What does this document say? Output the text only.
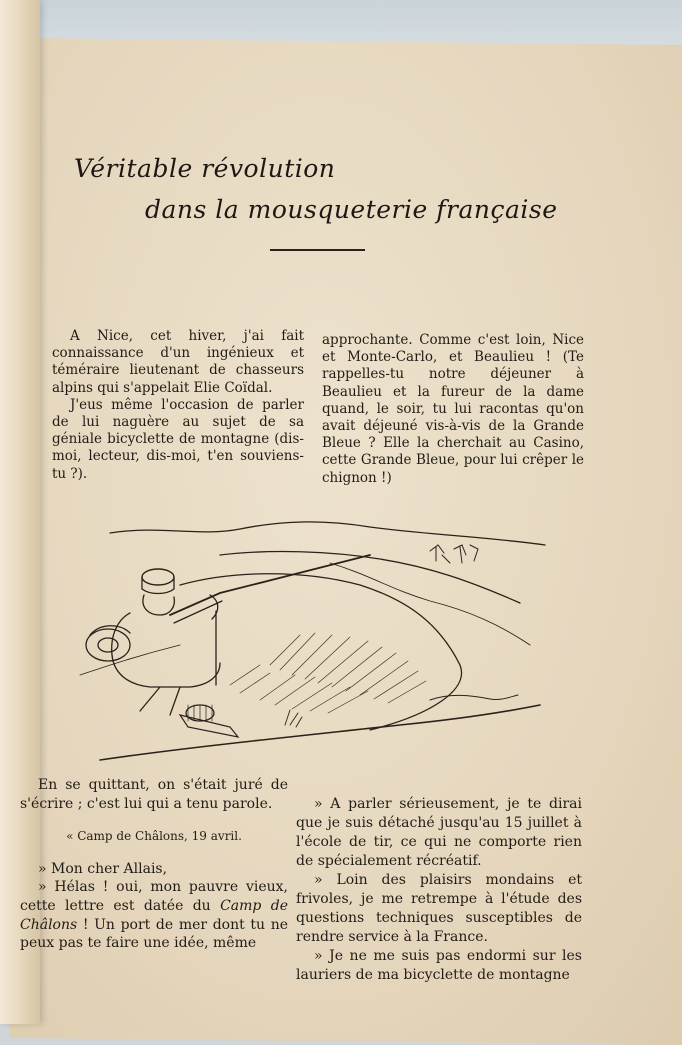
Véritable révolution
dans la mousqueterie française

A Nice, cet hiver, j'ai fait connaissance d'un ingénieux et téméraire lieutenant de chasseurs alpins qui s'appelait Elie Coïdal.

J'eus même l'occasion de parler de lui naguère au sujet de sa géniale bicyclette de montagne (dis-moi, lecteur, dis-moi, t'en souviens-tu ?).

approchante. Comme c'est loin, Nice et Monte-Carlo, et Beaulieu ! (Te rappelles-tu notre déjeuner à Beaulieu et la fureur de la dame quand, le soir, tu lui racontas qu'on avait déjeuné vis-à-vis de la Grande Bleue ? Elle la cherchait au Casino, cette Grande Bleue, pour lui crêper le chignon !)

En se quittant, on s'était juré de s'écrire ; c'est lui qui a tenu parole.

« Camp de Châlons, 19 avril.

» Mon cher Allais,

» Hélas ! oui, mon pauvre vieux, cette lettre est datée du Camp de Châlons ! Un port de mer dont tu ne peux pas te faire une idée, même

» A parler sérieusement, je te dirai que je suis détaché jusqu'au 15 juillet à l'école de tir, ce qui ne comporte rien de spécialement récréatif.

» Loin des plaisirs mondains et frivoles, je me retrempe à l'étude des questions techniques susceptibles de rendre service à la France.

» Je ne me suis pas endormi sur les lauriers de ma bicyclette de montagne
